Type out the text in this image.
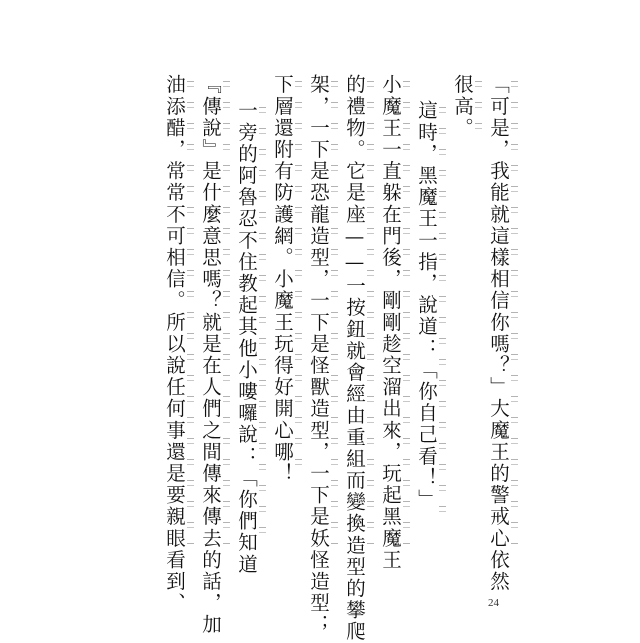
「可是，我能就這樣相信你嗎？」大魔王的警戒心依然
很高。
這時，黑魔王一指，說道：「你自己看！」
小魔王一直躲在門後，剛剛趁空溜出來，玩起黑魔王
的禮物。它是座——一按鈕就會經由重組而變換造型的攀爬
架，一下是恐龍造型，一下是怪獸造型，一下是妖怪造型；
下層還附有防護網。小魔王玩得好開心哪！
一旁的阿魯忍不住教起其他小嘍囉說：「你們知道
『傳說』是什麼意思嗎？就是在人們之間傳來傳去的話，加
油添醋，常常不可相信。所以說任何事還是要親眼看到、	24
